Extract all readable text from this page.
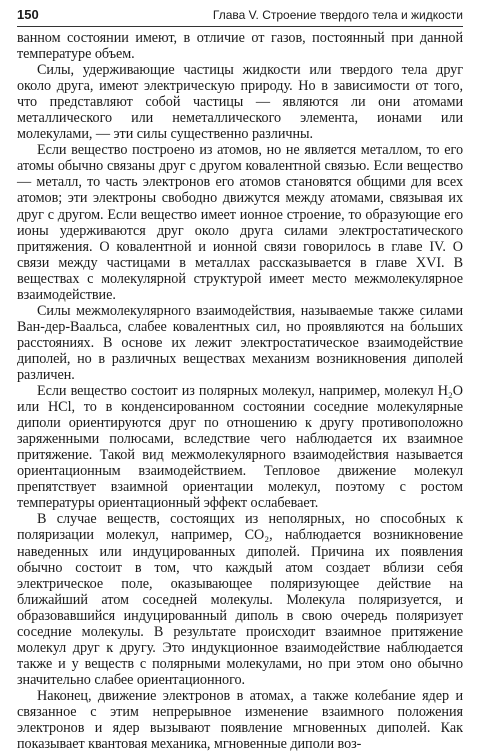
150	Глава V. Строение твердого тела и жидкости

ванном состоянии имеют, в отличие от газов, постоянный при данной температуре объем.

Силы, удерживающие частицы жидкости или твердого тела друг около друга, имеют электрическую природу. Но в зависимости от того, что представляют собой частицы — являются ли они атомами металлического или неметаллического элемента, ионами или молекулами, — эти силы существенно различны.

Если вещество построено из атомов, но не является металлом, то его атомы обычно связаны друг с другом ковалентной связью. Если вещество — металл, то часть электронов его атомов становятся общими для всех атомов; эти электроны свободно движутся между атомами, связывая их друг с другом. Если вещество имеет ионное строение, то образующие его ионы удерживаются друг около друга силами электростатического притяжения. О ковалентной и ионной связи говорилось в главе IV. О связи между частицами в металлах рассказывается в главе XVI. В веществах с молекулярной структурой имеет место межмолекулярное взаимодействие.

Силы межмолекулярного взаимодействия, называемые также силами Ван-дер-Ваальса, слабее ковалентных сил, но проявляются на бо́льших расстояниях. В основе их лежит электростатическое взаимодействие диполей, но в различных веществах механизм возникновения диполей различен.

Если вещество состоит из полярных молекул, например, молекул H₂O или HCl, то в конденсированном состоянии соседние молекулярные диполи ориентируются друг по отношению к другу противоположно заряженными полюсами, вследствие чего наблюдается их взаимное притяжение. Такой вид межмолекулярного взаимодействия называется ориентационным взаимодействием. Тепловое движение молекул препятствует взаимной ориентации молекул, поэтому с ростом температуры ориентационный эффект ослабевает.

В случае веществ, состоящих из неполярных, но способных к поляризации молекул, например, CO₂, наблюдается возникновение наведенных или индуцированных диполей. Причина их появления обычно состоит в том, что каждый атом создает вблизи себя электрическое поле, оказывающее поляризующее действие на ближайший атом соседней молекулы. Молекула поляризуется, и образовавшийся индуцированный диполь в свою очередь поляризует соседние молекулы. В результате происходит взаимное притяжение молекул друг к другу. Это индукционное взаимодействие наблюдается также и у веществ с полярными молекулами, но при этом оно обычно значительно слабее ориентационного.

Наконец, движение электронов в атомах, а также колебание ядер и связанное с этим непрерывное изменение взаимного положения электронов и ядер вызывают появление мгновенных диполей. Как показывает квантовая механика, мгновенные диполи воз-
